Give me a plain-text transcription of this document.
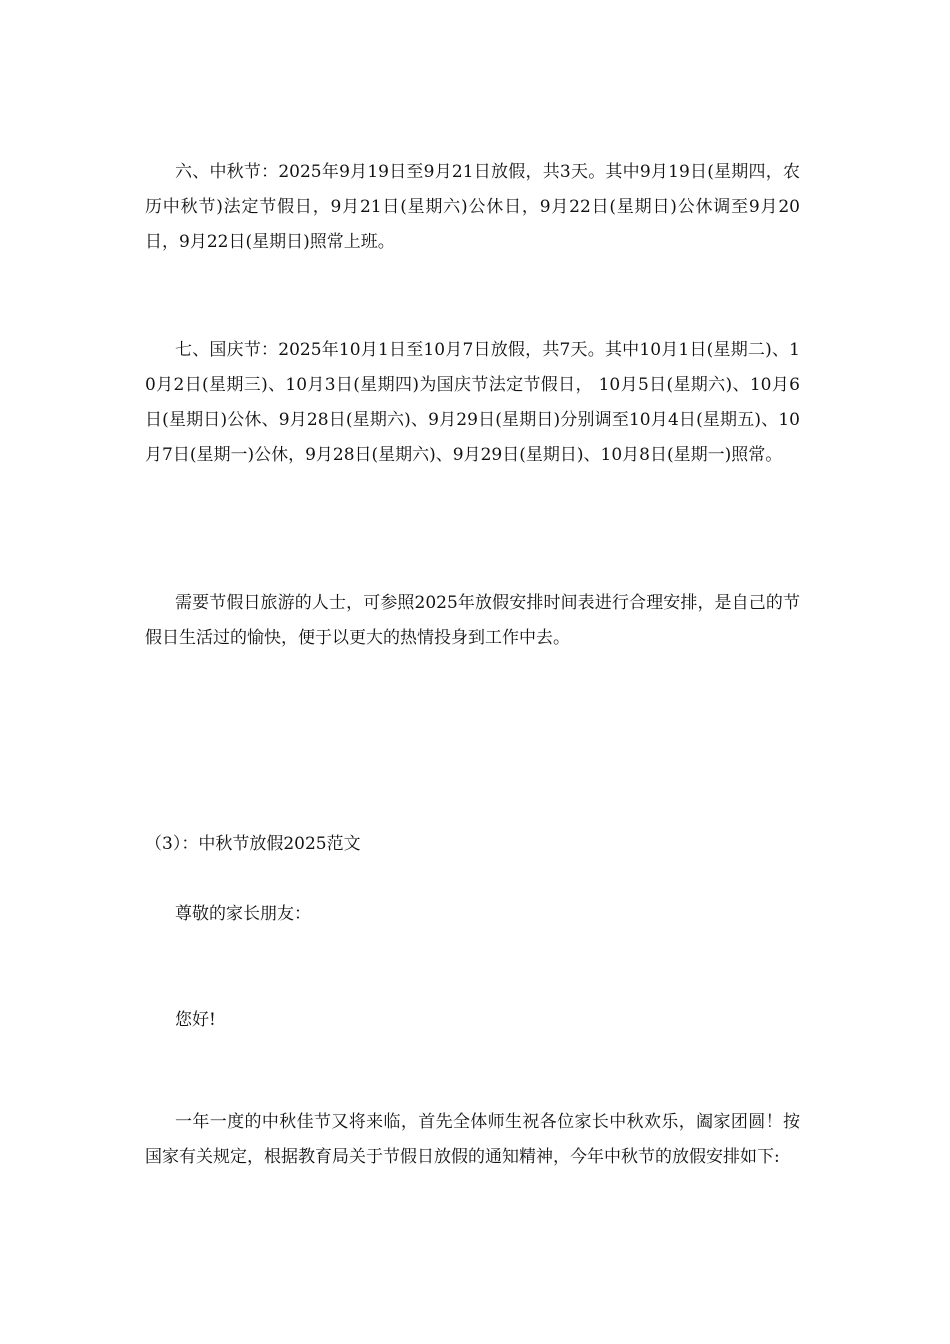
六、中秋节：2025年9月19日至9月21日放假，共3天。其中9月19日(星期四，农历中秋节)法定节假日，9月21日(星期六)公休日，9月22日(星期日)公休调至9月20日，9月22日(星期日)照常上班。

七、国庆节：2025年10月1日至10月7日放假，共7天。其中10月1日(星期二)、10月2日(星期三)、10月3日(星期四)为国庆节法定节假日， 10月5日(星期六)、10月6日(星期日)公休、9月28日(星期六)、9月29日(星期日)分别调至10月4日(星期五)、10月7日(星期一)公休，9月28日(星期六)、9月29日(星期日)、10月8日(星期一)照常。

需要节假日旅游的人士，可参照2025年放假安排时间表进行合理安排，是自己的节假日生活过的愉快，便于以更大的热情投身到工作中去。

（3）：中秋节放假2025范文

尊敬的家长朋友：

您好!

一年一度的中秋佳节又将来临，首先全体师生祝各位家长中秋欢乐，阖家团圆！按国家有关规定，根据教育局关于节假日放假的通知精神，今年中秋节的放假安排如下:
